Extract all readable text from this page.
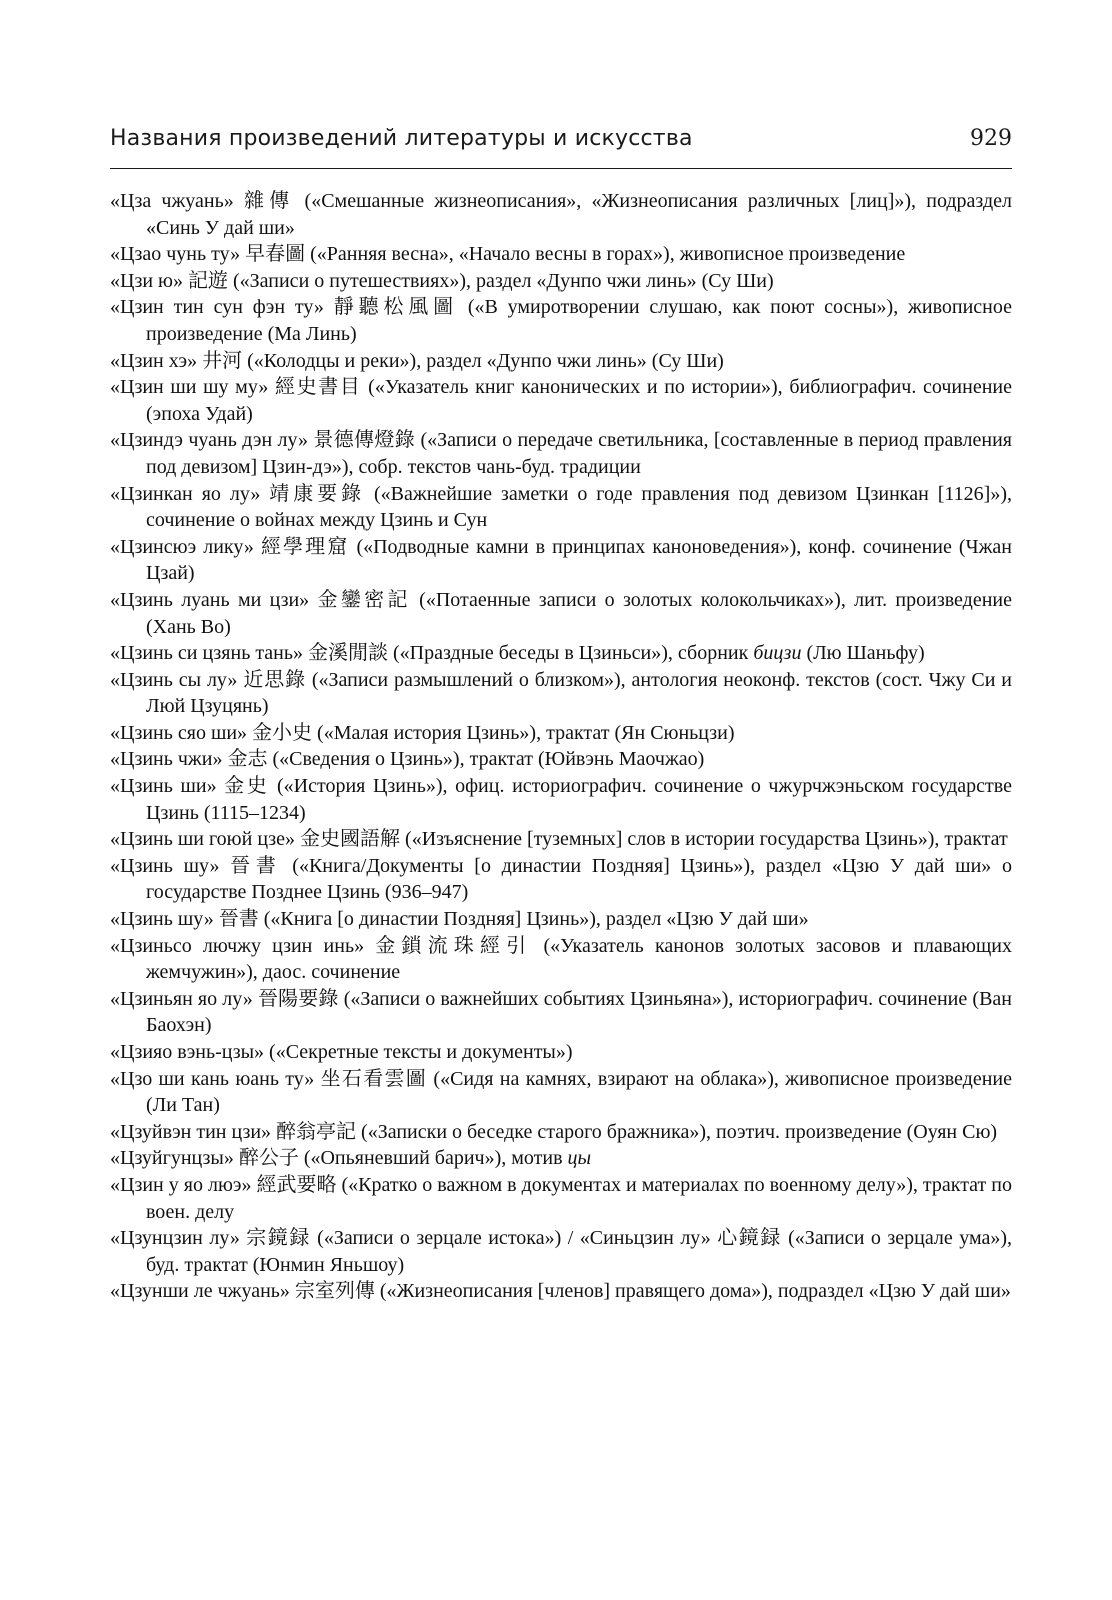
Названия произведений литературы и искусства	929

«Цза чжуань» 雜傳 («Смешанные жизнеописания», «Жизнеописания различных [лиц]»), подраздел «Синь У дай ши»

«Цзао чунь ту» 早春圖 («Ранняя весна», «Начало весны в горах»), живописное произведение

«Цзи ю» 記遊 («Записи о путешествиях»), раздел «Дунпо чжи линь» (Су Ши)

«Цзин тин сун фэн ту» 靜聽松風圖 («В умиротворении слушаю, как поют сосны»), живописное произведение (Ма Линь)

«Цзин хэ» 井河 («Колодцы и реки»), раздел «Дунпо чжи линь» (Су Ши)

«Цзин ши шу му» 經史書目 («Указатель книг канонических и по истории»), библиографич. сочинение (эпоха Удай)

«Цзиндэ чуань дэн лу» 景德傳燈錄 («Записи о передаче светильника, [составленные в период правления под девизом] Цзин-дэ»), собр. текстов чань-буд. традиции

«Цзинкан яо лу» 靖康要錄 («Важнейшие заметки о годе правления под девизом Цзинкан [1126]»), сочинение о войнах между Цзинь и Сун

«Цзинсюэ лику» 經學理窟 («Подводные камни в принципах каноноведения»), конф. сочинение (Чжан Цзай)

«Цзинь луань ми цзи» 金鑾密記 («Потаенные записи о золотых колокольчиках»), лит. произведение (Хань Во)

«Цзинь си цзянь тань» 金溪閒談 («Праздные беседы в Цзиньси»), сборник бицзи (Лю Шаньфу)

«Цзинь сы лу» 近思錄 («Записи размышлений о близком»), антология неоконф. текстов (сост. Чжу Си и Люй Цзуцянь)

«Цзинь сяо ши» 金小史 («Малая история Цзинь»), трактат (Ян Сюньцзи)

«Цзинь чжи» 金志 («Сведения о Цзинь»), трактат (Юйвэнь Маочжао)

«Цзинь ши» 金史 («История Цзинь»), офиц. историографич. сочинение о чжурчжэньском государстве Цзинь (1115–1234)

«Цзинь ши гоюй цзе» 金史國語解 («Изъяснение [туземных] слов в истории государства Цзинь»), трактат

«Цзинь шу» 晉書 («Книга/Документы [о династии Поздняя] Цзинь»), раздел «Цзю У дай ши» о государстве Позднее Цзинь (936–947)

«Цзинь шу» 晉書 («Книга [о династии Поздняя] Цзинь»), раздел «Цзю У дай ши»

«Цзиньсо лючжу цзин инь» 金鎖流珠經引 («Указатель канонов золотых засовов и плавающих жемчужин»), даос. сочинение

«Цзиньян яо лу» 晉陽要錄 («Записи о важнейших событиях Цзиньяна»), историографич. сочинение (Ван Баохэн)

«Цзияо вэнь-цзы» («Секретные тексты и документы»)

«Цзо ши кань юань ту» 坐石看雲圖 («Сидя на камнях, взирают на облака»), живописное произведение (Ли Тан)

«Цзуйвэн тин цзи» 醉翁亭記 («Записки о беседке старого бражника»), поэтич. произведение (Оуян Сю)

«Цзуйгунцзы» 醉公子 («Опьяневший барич»), мотив цы

«Цзин у яо люэ» 經武要略 («Кратко о важном в документах и материалах по военному делу»), трактат по воен. делу

«Цзунцзин лу» 宗鏡録 («Записи о зерцале истока») / «Синьцзин лу» 心鏡録 («Записи о зерцале ума»), буд. трактат (Юнмин Яньшоу)

«Цзунши ле чжуань» 宗室列傳 («Жизнеописания [членов] правящего дома»), подраздел «Цзю У дай ши»
